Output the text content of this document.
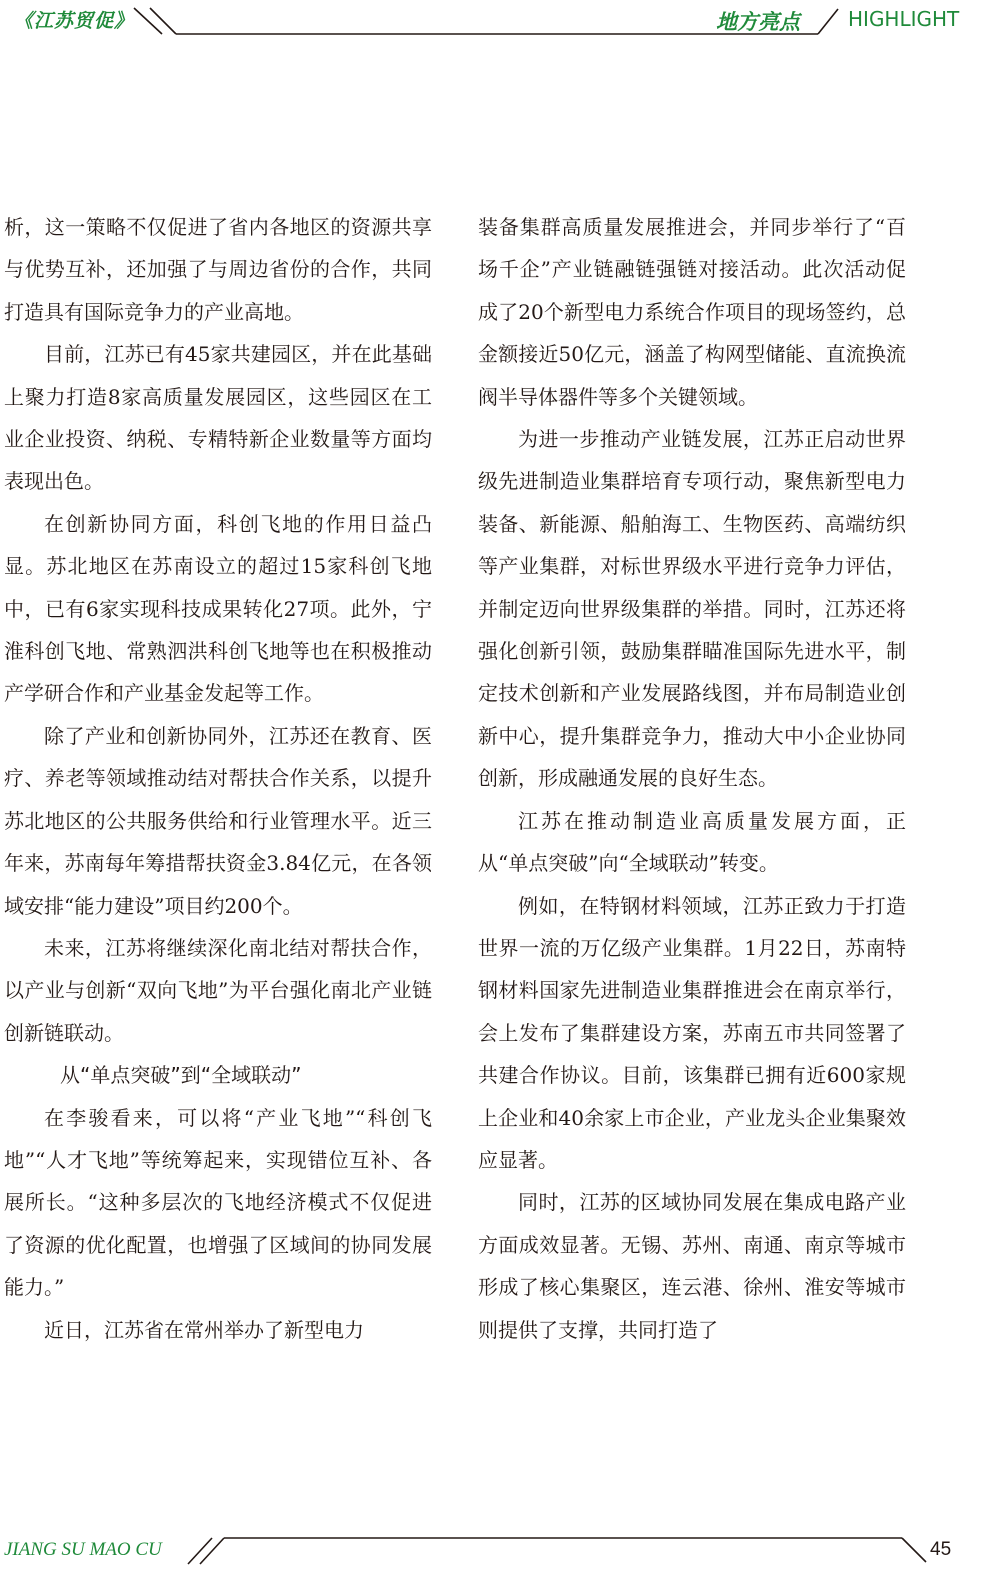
《江苏贸促》	地方亮点 HIGHLIGHT

析，这一策略不仅促进了省内各地区的资源共享与优势互补，还加强了与周边省份的合作，共同打造具有国际竞争力的产业高地。

目前，江苏已有45家共建园区，并在此基础上聚力打造8家高质量发展园区，这些园区在工业企业投资、纳税、专精特新企业数量等方面均表现出色。

在创新协同方面，科创飞地的作用日益凸显。苏北地区在苏南设立的超过15家科创飞地中，已有6家实现科技成果转化27项。此外，宁淮科创飞地、常熟泗洪科创飞地等也在积极推动产学研合作和产业基金发起等工作。

除了产业和创新协同外，江苏还在教育、医疗、养老等领域推动结对帮扶合作关系，以提升苏北地区的公共服务供给和行业管理水平。近三年来，苏南每年筹措帮扶资金3.84亿元，在各领域安排“能力建设”项目约200个。

未来，江苏将继续深化南北结对帮扶合作，以产业与创新“双向飞地”为平台强化南北产业链创新链联动。

从“单点突破”到“全域联动”

在李骏看来，可以将“产业飞地”“科创飞地”“人才飞地”等统筹起来，实现错位互补、各展所长。“这种多层次的飞地经济模式不仅促进了资源的优化配置，也增强了区域间的协同发展能力。”

近日，江苏省在常州举办了新型电力

装备集群高质量发展推进会，并同步举行了“百场千企”产业链融链强链对接活动。此次活动促成了20个新型电力系统合作项目的现场签约，总金额接近50亿元，涵盖了构网型储能、直流换流阀半导体器件等多个关键领域。

为进一步推动产业链发展，江苏正启动世界级先进制造业集群培育专项行动，聚焦新型电力装备、新能源、船舶海工、生物医药、高端纺织等产业集群，对标世界级水平进行竞争力评估，并制定迈向世界级集群的举措。同时，江苏还将强化创新引领，鼓励集群瞄准国际先进水平，制定技术创新和产业发展路线图，并布局制造业创新中心，提升集群竞争力，推动大中小企业协同创新，形成融通发展的良好生态。

江苏在推动制造业高质量发展方面，正从“单点突破”向“全域联动”转变。

例如，在特钢材料领域，江苏正致力于打造世界一流的万亿级产业集群。1月22日，苏南特钢材料国家先进制造业集群推进会在南京举行，会上发布了集群建设方案，苏南五市共同签署了共建合作协议。目前，该集群已拥有近600家规上企业和40余家上市企业，产业龙头企业集聚效应显著。

同时，江苏的区域协同发展在集成电路产业方面成效显著。无锡、苏州、南通、南京等城市形成了核心集聚区，连云港、徐州、淮安等城市则提供了支撑，共同打造了

JIANG SU MAO CU	45
